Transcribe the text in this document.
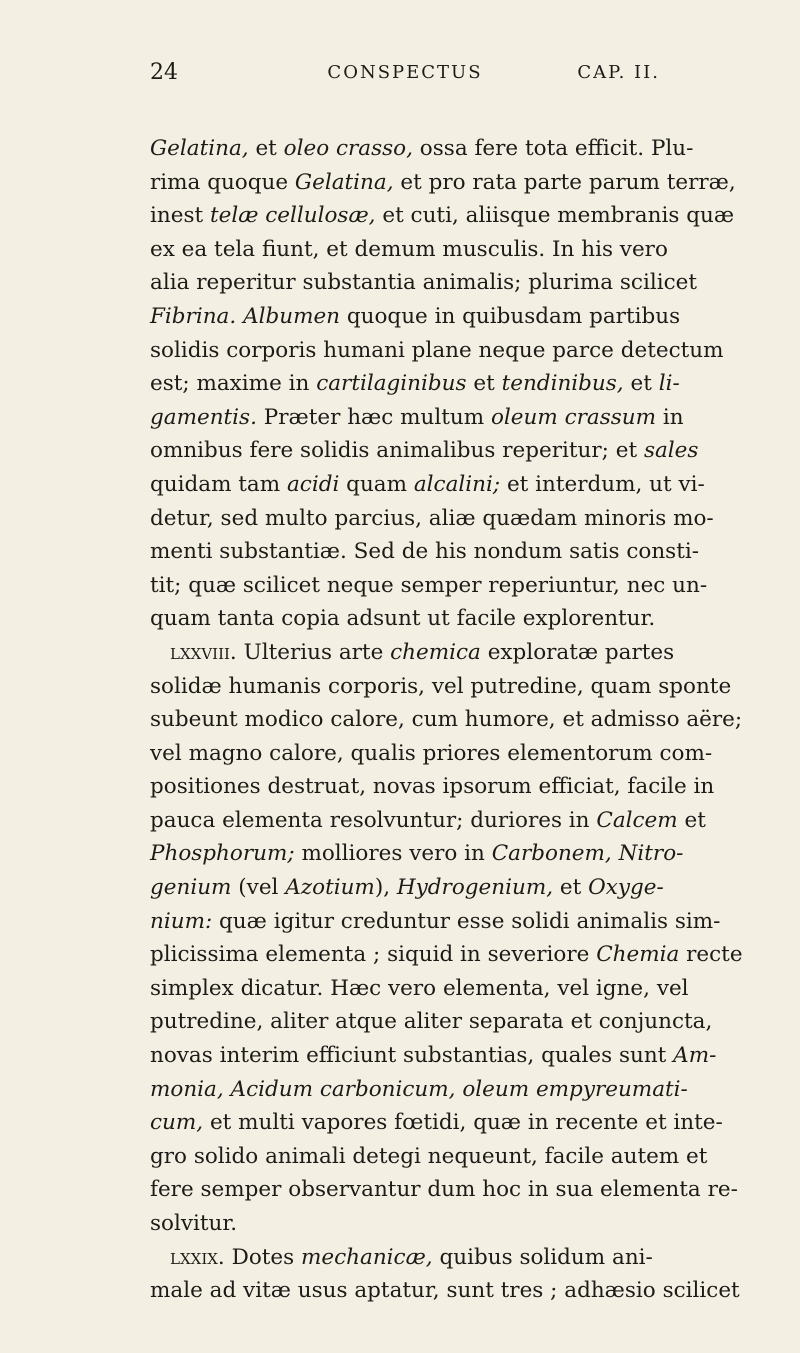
24	CONSPECTUS	CAP. II.
Gelatina, et oleo crasso, ossa fere tota efficit. Plu-
rima quoque Gelatina, et pro rata parte parum terræ,
inest telæ cellulosæ, et cuti, aliisque membranis quæ
ex ea tela fiunt, et demum musculis. In his vero
alia reperitur substantia animalis; plurima scilicet
Fibrina. Albumen quoque in quibusdam partibus
solidis corporis humani plane neque parce detectum
est; maxime in cartilaginibus et tendinibus, et li-
gamentis. Præter hæc multum oleum crassum in
omnibus fere solidis animalibus reperitur; et sales
quidam tam acidi quam alcalini; et interdum, ut vi-
detur, sed multo parcius, aliæ quædam minoris mo-
menti substantiæ. Sed de his nondum satis consti-
tit; quæ scilicet neque semper reperiuntur, nec un-
quam tanta copia adsunt ut facile explorentur.
lxxviii. Ulterius arte chemica exploratæ partes
solidæ humanis corporis, vel putredine, quam sponte
subeunt modico calore, cum humore, et admisso aëre;
vel magno calore, qualis priores elementorum com-
positiones destruat, novas ipsorum efficiat, facile in
pauca elementa resolvuntur; duriores in Calcem et
Phosphorum; molliores vero in Carbonem, Nitro-
genium (vel Azotium), Hydrogenium, et Oxyge-
nium: quæ igitur creduntur esse solidi animalis sim-
plicissima elementa ; siquid in severiore Chemia recte
simplex dicatur. Hæc vero elementa, vel igne, vel
putredine, aliter atque aliter separata et conjuncta,
novas interim efficiunt substantias, quales sunt Am-
monia, Acidum carbonicum, oleum empyreumati-
cum, et multi vapores fœtidi, quæ in recente et inte-
gro solido animali detegi nequeunt, facile autem et
fere semper observantur dum hoc in sua elementa re-
solvitur.
lxxix. Dotes mechanicæ, quibus solidum ani-
male ad vitæ usus aptatur, sunt tres ; adhæsio scilicet
